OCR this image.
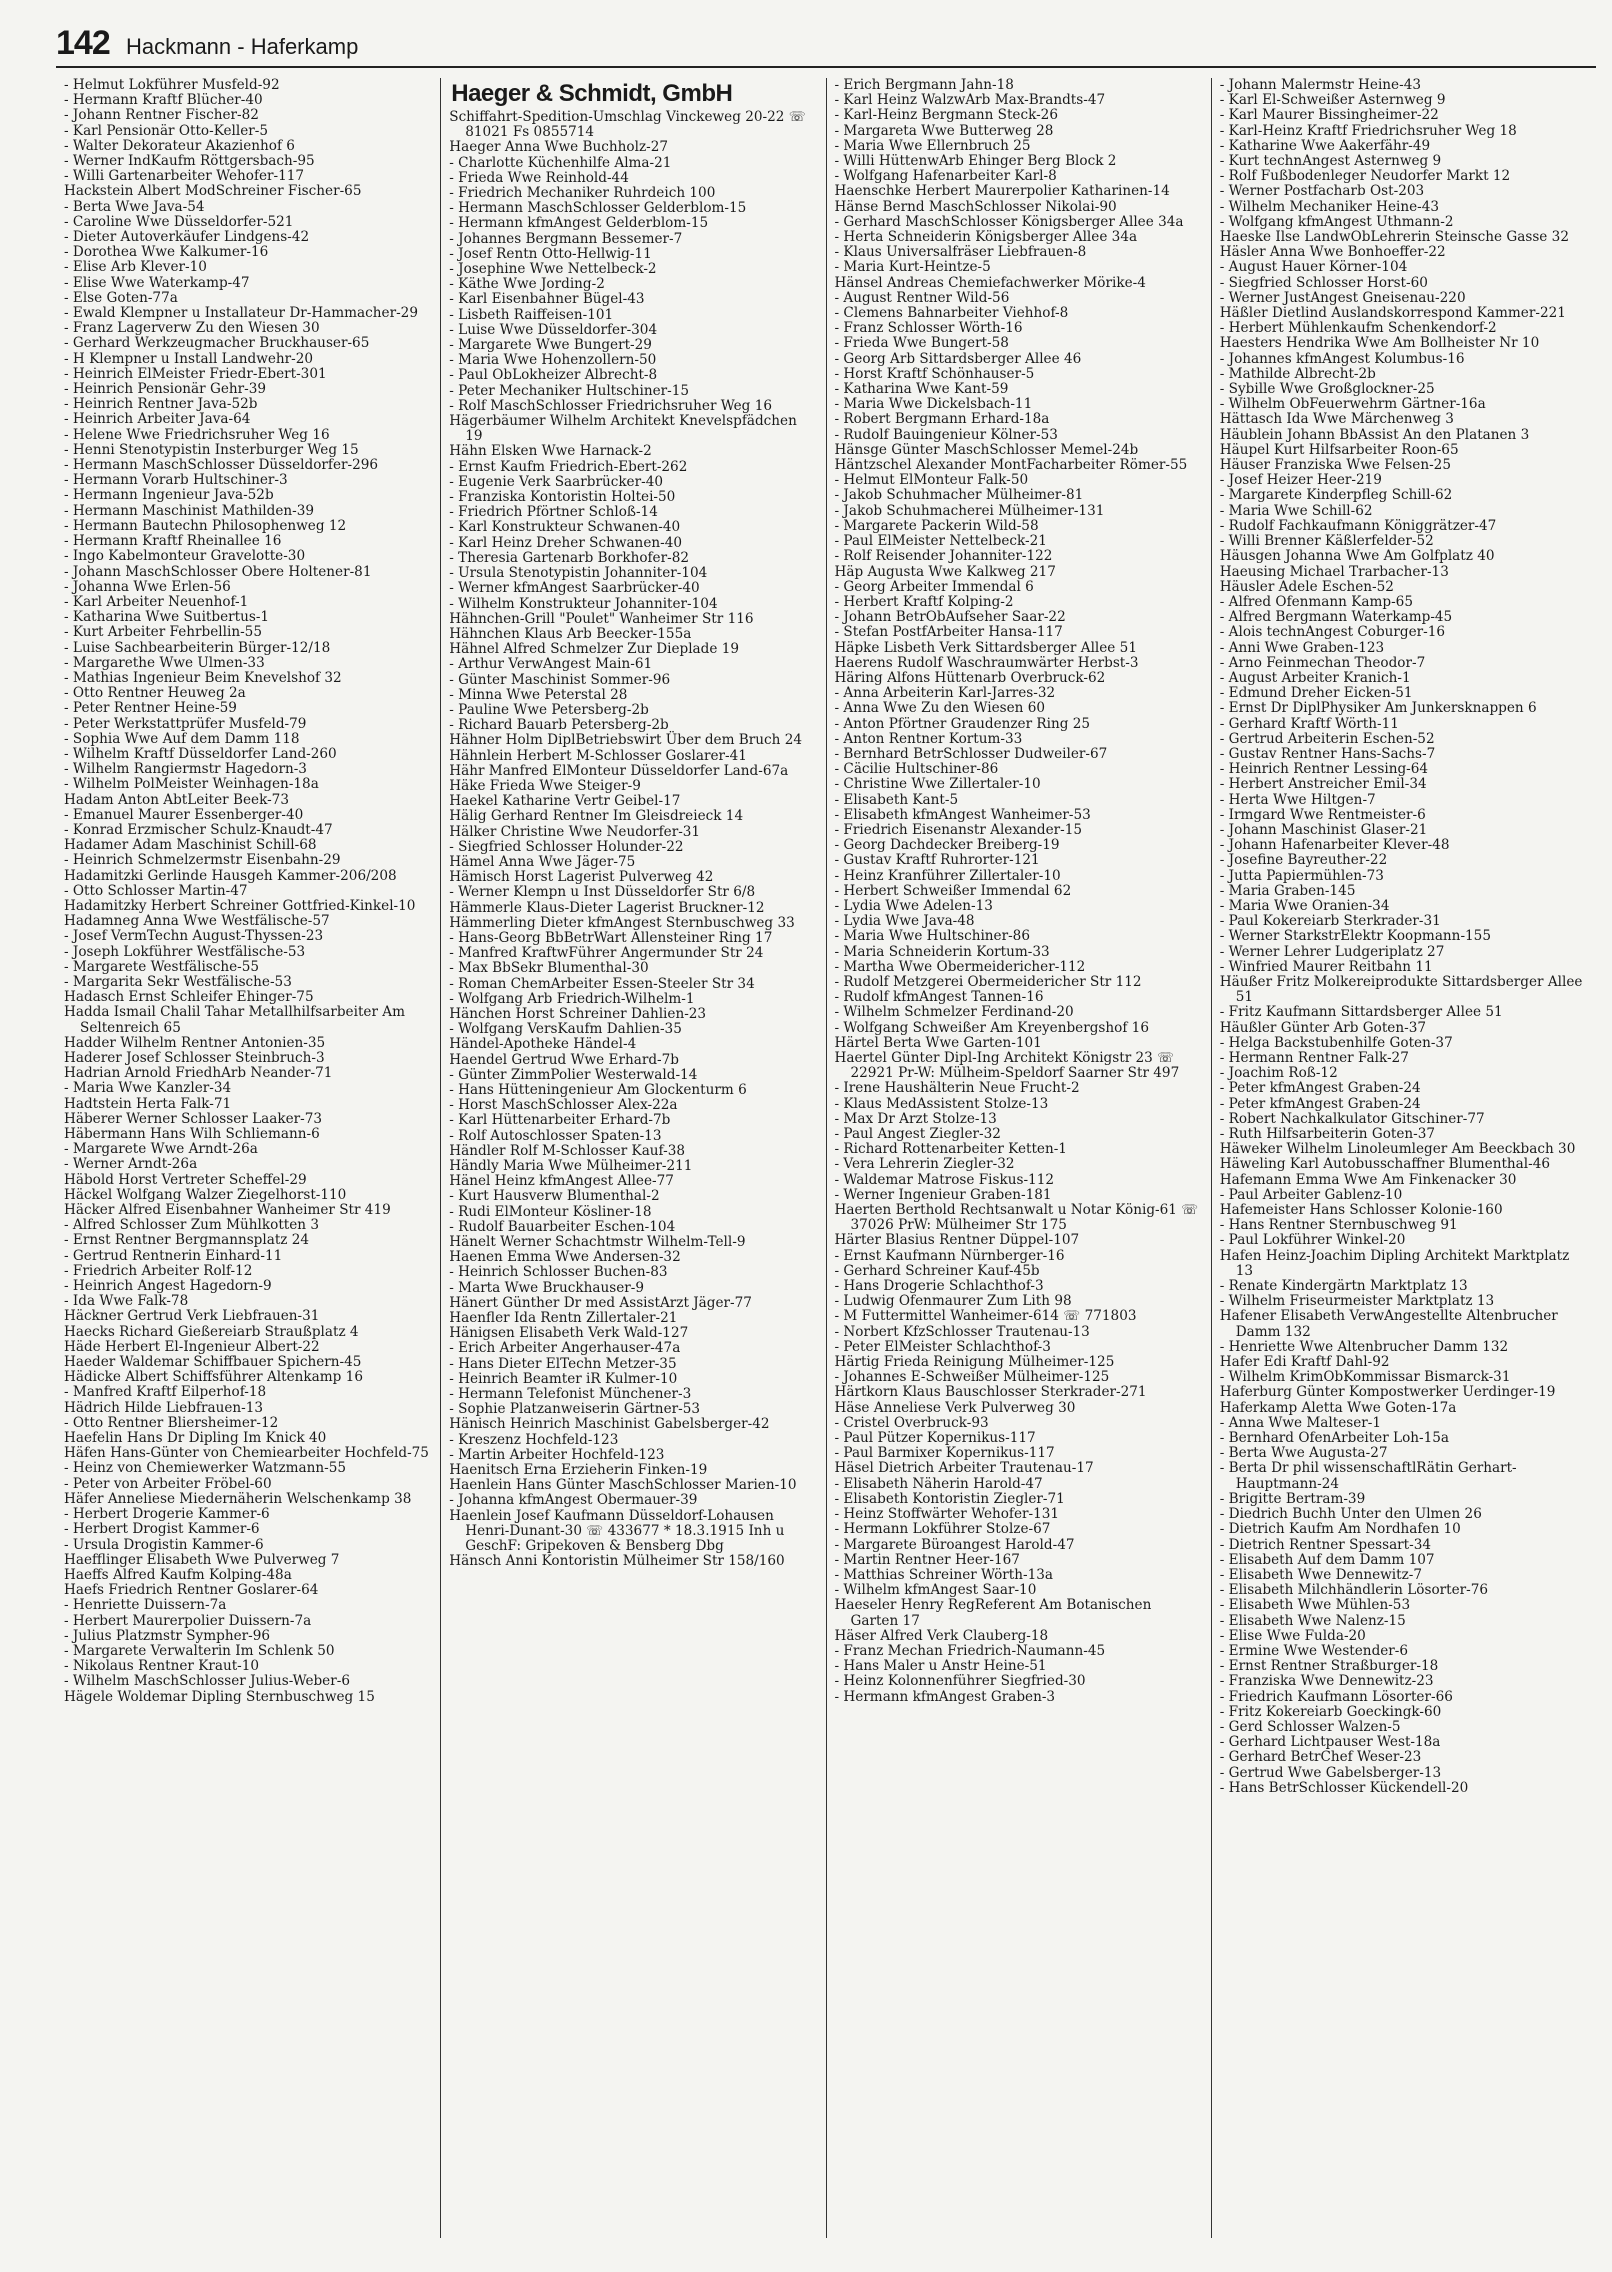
142 Hackmann - Haferkamp
- Helmut Lokführer Musfeld-92
- Hermann Kraftf Blücher-40
- Johann Rentner Fischer-82
- Karl Pensionär Otto-Keller-5
- Walter Dekorateur Akazienhof 6
- Werner IndKaufm Röttgersbach-95
- Willi Gartenarbeiter Wehofer-117
Hackstein Albert ModSchreiner Fischer-65
- Berta Wwe Java-54
- Caroline Wwe Düsseldorfer-521
- Dieter Autoverkäufer Lindgens-42
- Dorothea Wwe Kalkumer-16
- Elise Arb Klever-10
- Elise Wwe Waterkamp-47
- Else Goten-77a
- Ewald Klempner u Installateur Dr-Hammacher-29
- Franz Lagerverw Zu den Wiesen 30
- Gerhard Werkzeugmacher Bruckhauser-65
- H Klempner u Install Landwehr-20
- Heinrich ElMeister Friedr-Ebert-301
- Heinrich Pensionär Gehr-39
- Heinrich Rentner Java-52b
- Heinrich Arbeiter Java-64
- Helene Wwe Friedrichsruher Weg 16
- Henni Stenotypistin Insterburger Weg 15
- Hermann MaschSchlosser Düsseldorfer-296
- Hermann Vorarb Hultschiner-3
- Hermann Ingenieur Java-52b
- Hermann Maschinist Mathilden-39
- Hermann Bautechn Philosophenweg 12
- Hermann Kraftf Rheinallee 16
- Ingo Kabelmonteur Gravelotte-30
- Johann MaschSchlosser Obere Holtener-81
- Johanna Wwe Erlen-56
- Karl Arbeiter Neuenhof-1
- Katharina Wwe Suitbertus-1
- Kurt Arbeiter Fehrbellin-55
- Luise Sachbearbeiterin Bürger-12/18
- Margarethe Wwe Ulmen-33
- Mathias Ingenieur Beim Knevelshof 32
- Otto Rentner Heuweg 2a
- Peter Rentner Heine-59
- Peter Werkstattprüfer Musfeld-79
- Sophia Wwe Auf dem Damm 118
- Wilhelm Kraftf Düsseldorfer Land-260
- Wilhelm Rangiermstr Hagedorn-3
- Wilhelm PolMeister Weinhagen-18a
Hadam Anton AbtLeiter Beek-73
- Emanuel Maurer Essenberger-40
- Konrad Erzmischer Schulz-Knaudt-47
Hadamer Adam Maschinist Schill-68
- Heinrich Schmelzermstr Eisenbahn-29
Hadamitzki Gerlinde Hausgeh Kammer-206/208
- Otto Schlosser Martin-47
Hadamitzky Herbert Schreiner Gottfried-Kinkel-10
Hadamneg Anna Wwe Westfälische-57
- Josef VermTechn August-Thyssen-23
- Joseph Lokführer Westfälische-53
- Margarete Westfälische-55
- Margarita Sekr Westfälische-53
Hadasch Ernst Schleifer Ehinger-75
Hadda Ismail Chalil Tahar Metallhilfsarbeiter Am Seltenreich 65
Hadder Wilhelm Rentner Antonien-35
Haderer Josef Schlosser Steinbruch-3
Hadrian Arnold FriedhArb Neander-71
- Maria Wwe Kanzler-34
Hadtstein Herta Falk-71
Häberer Werner Schlosser Laaker-73
Häbermann Hans Wilh Schliemann-6
- Margarete Wwe Arndt-26a
- Werner Arndt-26a
Häbold Horst Vertreter Scheffel-29
Häckel Wolfgang Walzer Ziegelhorst-110
Häcker Alfred Eisenbahner Wanheimer Str 419
- Alfred Schlosser Zum Mühlkotten 3
- Ernst Rentner Bergmannsplatz 24
- Gertrud Rentnerin Einhard-11
- Friedrich Arbeiter Rolf-12
- Heinrich Angest Hagedorn-9
- Ida Wwe Falk-78
Häckner Gertrud Verk Liebfrauen-31
Haecks Richard Gießereiarb Straußplatz 4
Häde Herbert El-Ingenieur Albert-22
Haeder Waldemar Schiffbauer Spichern-45
Hädicke Albert Schiffsführer Altenkamp 16
- Manfred Kraftf Eilperhof-18
Hädrich Hilde Liebfrauen-13
- Otto Rentner Bliersheimer-12
Haefelin Hans Dr Dipling Im Knick 40
Häfen Hans-Günter von Chemiearbeiter Hochfeld-75
- Heinz von Chemiewerker Watzmann-55
- Peter von Arbeiter Fröbel-60
Häfer Anneliese Miedernäherin Welschenkamp 38
- Herbert Drogerie Kammer-6
- Herbert Drogist Kammer-6
- Ursula Drogistin Kammer-6
Haefflinger Elisabeth Wwe Pulverweg 7
Haeffs Alfred Kaufm Kolping-48a
Haefs Friedrich Rentner Goslarer-64
- Henriette Duissern-7a
- Herbert Maurerpolier Duissern-7a
- Julius Platzmstr Sympher-96
- Margarete Verwalterin Im Schlenk 50
- Nikolaus Rentner Kraut-10
- Wilhelm MaschSchlosser Julius-Weber-6
Hägele Woldemar Dipling Sternbuschweg 15
Haeger & Schmidt, GmbH
Schiffahrt-Spedition-Umschlag Vinckeweg 20-22 ☏ 81021 Fs 0855714
Haeger Anna Wwe Buchholz-27
- Charlotte Küchenhilfe Alma-21
- Frieda Wwe Reinhold-44
- Friedrich Mechaniker Ruhrdeich 100
- Hermann MaschSchlosser Gelderblom-15
- Hermann kfmAngest Gelderblom-15
- Johannes Bergmann Bessemer-7
- Josef Rentn Otto-Hellwig-11
- Josephine Wwe Nettelbeck-2
- Käthe Wwe Jording-2
- Karl Eisenbahner Bügel-43
- Lisbeth Raiffeisen-101
- Luise Wwe Düsseldorfer-304
- Margarete Wwe Bungert-29
- Maria Wwe Hohenzollern-50
- Paul ObLokheizer Albrecht-8
- Peter Mechaniker Hultschiner-15
- Rolf MaschSchlosser Friedrichsruher Weg 16
Hägerbäumer Wilhelm Architekt Knevelspfädchen 19
Hähn Elsken Wwe Harnack-2
- Ernst Kaufm Friedrich-Ebert-262
- Eugenie Verk Saarbrücker-40
- Franziska Kontoristin Holtei-50
- Friedrich Pförtner Schloß-14
- Karl Konstrukteur Schwanen-40
- Karl Heinz Dreher Schwanen-40
- Theresia Gartenarb Borkhofer-82
- Ursula Stenotypistin Johanniter-104
- Werner kfmAngest Saarbrücker-40
- Wilhelm Konstrukteur Johanniter-104
Hähnchen-Grill "Poulet" Wanheimer Str 116
Hähnchen Klaus Arb Beecker-155a
Hähnel Alfred Schmelzer Zur Dieplade 19
- Arthur VerwAngest Main-61
- Günter Maschinist Sommer-96
- Minna Wwe Peterstal 28
- Pauline Wwe Petersberg-2b
- Richard Bauarb Petersberg-2b
Hähner Holm DiplBetriebswirt Über dem Bruch 24
Hähnlein Herbert M-Schlosser Goslarer-41
Hähr Manfred ElMonteur Düsseldorfer Land-67a
Häke Frieda Wwe Steiger-9
Haekel Katharine Vertr Geibel-17
Hälig Gerhard Rentner Im Gleisdreieck 14
Hälker Christine Wwe Neudorfer-31
- Siegfried Schlosser Holunder-22
Hämel Anna Wwe Jäger-75
Hämisch Horst Lagerist Pulverweg 42
- Werner Klempn u Inst Düsseldorfer Str 6/8
Hämmerle Klaus-Dieter Lagerist Bruckner-12
Hämmerling Dieter kfmAngest Sternbuschweg 33
- Hans-Georg BbBetrWart Allensteiner Ring 17
- Manfred KraftwFührer Angermunder Str 24
- Max BbSekr Blumenthal-30
- Roman ChemArbeiter Essen-Steeler Str 34
- Wolfgang Arb Friedrich-Wilhelm-1
Hänchen Horst Schreiner Dahlien-23
- Wolfgang VersKaufm Dahlien-35
Händel-Apotheke Händel-4
Haendel Gertrud Wwe Erhard-7b
- Günter ZimmPolier Westerwald-14
- Hans Hütteningenieur Am Glockenturm 6
- Horst MaschSchlosser Alex-22a
- Karl Hüttenarbeiter Erhard-7b
- Rolf Autoschlosser Spaten-13
Händler Rolf M-Schlosser Kauf-38
Händly Maria Wwe Mülheimer-211
Hänel Heinz kfmAngest Allee-77
- Kurt Hausverw Blumenthal-2
- Rudi ElMonteur Kösliner-18
- Rudolf Bauarbeiter Eschen-104
Hänelt Werner Schachtmstr Wilhelm-Tell-9
Haenen Emma Wwe Andersen-32
- Heinrich Schlosser Buchen-83
- Marta Wwe Bruckhauser-9
Hänert Günther Dr med AssistArzt Jäger-77
Haenfler Ida Rentn Zillertaler-21
Hänigsen Elisabeth Verk Wald-127
- Erich Arbeiter Angerhauser-47a
- Hans Dieter ElTechn Metzer-35
- Heinrich Beamter iR Kulmer-10
- Hermann Telefonist Münchener-3
- Sophie Platzanweiserin Gärtner-53
Hänisch Heinrich Maschinist Gabelsberger-42
- Kreszenz Hochfeld-123
- Martin Arbeiter Hochfeld-123
Haenitsch Erna Erzieherin Finken-19
Haenlein Hans Günter MaschSchlosser Marien-10
- Johanna kfmAngest Obermauer-39
Haenlein Josef Kaufmann Düsseldorf-Lohausen Henri-Dunant-30 ☏ 433677 * 18.3.1915 Inh u GeschF: Gripekoven & Bensberg Dbg
Hänsch Anni Kontoristin Mülheimer Str 158/160
- Erich Bergmann Jahn-18
- Karl Heinz WalzwArb Max-Brandts-47
- Karl-Heinz Bergmann Steck-26
- Margareta Wwe Butterweg 28
- Maria Wwe Ellernbruch 25
- Willi HüttenwArb Ehinger Berg Block 2
- Wolfgang Hafenarbeiter Karl-8
Haenschke Herbert Maurerpolier Katharinen-14
Hänse Bernd MaschSchlosser Nikolai-90
- Gerhard MaschSchlosser Königsberger Allee 34a
- Herta Schneiderin Königsberger Allee 34a
- Klaus Universalfräser Liebfrauen-8
- Maria Kurt-Heintze-5
Hänsel Andreas Chemiefachwerker Mörike-4
- August Rentner Wild-56
- Clemens Bahnarbeiter Viehhof-8
- Franz Schlosser Wörth-16
- Frieda Wwe Bungert-58
- Georg Arb Sittardsberger Allee 46
- Horst Kraftf Schönhauser-5
- Katharina Wwe Kant-59
- Maria Wwe Dickelsbach-11
- Robert Bergmann Erhard-18a
- Rudolf Bauingenieur Kölner-53
Hänsge Günter MaschSchlosser Memel-24b
Häntzschel Alexander MontFacharbeiter Römer-55
- Helmut ElMonteur Falk-50
- Jakob Schuhmacher Mülheimer-81
- Jakob Schuhmacherei Mülheimer-131
- Margarete Packerin Wild-58
- Paul ElMeister Nettelbeck-21
- Rolf Reisender Johanniter-122
Häp Augusta Wwe Kalkweg 217
- Georg Arbeiter Immendal 6
- Herbert Kraftf Kolping-2
- Johann BetrObAufseher Saar-22
- Stefan PostfArbeiter Hansa-117
Häpke Lisbeth Verk Sittardsberger Allee 51
Haerens Rudolf Waschraumwärter Herbst-3
Häring Alfons Hüttenarb Overbruck-62
- Anna Arbeiterin Karl-Jarres-32
- Anna Wwe Zu den Wiesen 60
- Anton Pförtner Graudenzer Ring 25
- Anton Rentner Kortum-33
- Bernhard BetrSchlosser Dudweiler-67
- Cäcilie Hultschiner-86
- Christine Wwe Zillertaler-10
- Elisabeth Kant-5
- Elisabeth kfmAngest Wanheimer-53
- Friedrich Eisenanstr Alexander-15
- Georg Dachdecker Breiberg-19
- Gustav Kraftf Ruhrorter-121
- Heinz Kranführer Zillertaler-10
- Herbert Schweißer Immendal 62
- Lydia Wwe Adelen-13
- Lydia Wwe Java-48
- Maria Wwe Hultschiner-86
- Maria Schneiderin Kortum-33
- Martha Wwe Obermeidericher-112
- Rudolf Metzgerei Obermeidericher Str 112
- Rudolf kfmAngest Tannen-16
- Wilhelm Schmelzer Ferdinand-20
- Wolfgang Schweißer Am Kreyenbergshof 16
Härtel Berta Wwe Garten-101
Haertel Günter Dipl-Ing Architekt Königstr 23 ☏ 22921 Pr-W: Mülheim-Speldorf Saarner Str 497
- Irene Haushälterin Neue Frucht-2
- Klaus MedAssistent Stolze-13
- Max Dr Arzt Stolze-13
- Paul Angest Ziegler-32
- Richard Rottenarbeiter Ketten-1
- Vera Lehrerin Ziegler-32
- Waldemar Matrose Fiskus-112
- Werner Ingenieur Graben-181
Haerten Berthold Rechtsanwalt u Notar König-61 ☏ 37026 PrW: Mülheimer Str 175
Härter Blasius Rentner Düppel-107
- Ernst Kaufmann Nürnberger-16
- Gerhard Schreiner Kauf-45b
- Hans Drogerie Schlachthof-3
- Ludwig Ofenmaurer Zum Lith 98
- M Futtermittel Wanheimer-614 ☏ 771803
- Norbert KfzSchlosser Trautenau-13
- Peter ElMeister Schlachthof-3
Härtig Frieda Reinigung Mülheimer-125
- Johannes E-Schweißer Mülheimer-125
Härtkorn Klaus Bauschlosser Sterkrader-271
Häse Anneliese Verk Pulverweg 30
- Cristel Overbruck-93
- Paul Pützer Kopernikus-117
- Paul Barmixer Kopernikus-117
Häsel Dietrich Arbeiter Trautenau-17
- Elisabeth Näherin Harold-47
- Elisabeth Kontoristin Ziegler-71
- Heinz Stoffwärter Wehofer-131
- Hermann Lokführer Stolze-67
- Margarete Büroangest Harold-47
- Martin Rentner Heer-167
- Matthias Schreiner Wörth-13a
- Wilhelm kfmAngest Saar-10
Haeseler Henry RegReferent Am Botanischen Garten 17
Häser Alfred Verk Clauberg-18
- Franz Mechan Friedrich-Naumann-45
- Hans Maler u Anstr Heine-51
- Heinz Kolonnenführer Siegfried-30
- Hermann kfmAngest Graben-3
- Johann Malermstr Heine-43
- Karl El-Schweißer Asternweg 9
- Karl Maurer Bissingheimer-22
- Karl-Heinz Kraftf Friedrichsruher Weg 18
- Katharine Wwe Aakerfähr-49
- Kurt technAngest Asternweg 9
- Rolf Fußbodenleger Neudorfer Markt 12
- Werner Postfacharb Ost-203
- Wilhelm Mechaniker Heine-43
- Wolfgang kfmAngest Uthmann-2
Haeske Ilse LandwObLehrerin Steinsche Gasse 32
Häsler Anna Wwe Bonhoeffer-22
- August Hauer Körner-104
- Siegfried Schlosser Horst-60
- Werner JustAngest Gneisenau-220
Häßler Dietlind Auslandskorrespond Kammer-221
- Herbert Mühlenkaufm Schenkendorf-2
Haesters Hendrika Wwe Am Bollheister Nr 10
- Johannes kfmAngest Kolumbus-16
- Mathilde Albrecht-2b
- Sybille Wwe Großglockner-25
- Wilhelm ObFeuerwehrm Gärtner-16a
Hättasch Ida Wwe Märchenweg 3
Häublein Johann BbAssist An den Platanen 3
Häupel Kurt Hilfsarbeiter Roon-65
Häuser Franziska Wwe Felsen-25
- Josef Heizer Heer-219
- Margarete Kinderpfleg Schill-62
- Maria Wwe Schill-62
- Rudolf Fachkaufmann Königgrätzer-47
- Willi Brenner Käßlerfelder-52
Häusgen Johanna Wwe Am Golfplatz 40
Haeusing Michael Trarbacher-13
Häusler Adele Eschen-52
- Alfred Ofenmann Kamp-65
- Alfred Bergmann Waterkamp-45
- Alois technAngest Coburger-16
- Anni Wwe Graben-123
- Arno Feinmechan Theodor-7
- August Arbeiter Kranich-1
- Edmund Dreher Eicken-51
- Ernst Dr DiplPhysiker Am Junkersknappen 6
- Gerhard Kraftf Wörth-11
- Gertrud Arbeiterin Eschen-52
- Gustav Rentner Hans-Sachs-7
- Heinrich Rentner Lessing-64
- Herbert Anstreicher Emil-34
- Herta Wwe Hiltgen-7
- Irmgard Wwe Rentmeister-6
- Johann Maschinist Glaser-21
- Johann Hafenarbeiter Klever-48
- Josefine Bayreuther-22
- Jutta Papiermühlen-73
- Maria Graben-145
- Maria Wwe Oranien-34
- Paul Kokereiarb Sterkrader-31
- Werner StarkstrElektr Koopmann-155
- Werner Lehrer Ludgeriplatz 27
- Winfried Maurer Reitbahn 11
Häußer Fritz Molkereiprodukte Sittardsberger Allee 51
- Fritz Kaufmann Sittardsberger Allee 51
Häußler Günter Arb Goten-37
- Helga Backstubenhilfe Goten-37
- Hermann Rentner Falk-27
- Joachim Roß-12
- Peter kfmAngest Graben-24
- Peter kfmAngest Graben-24
- Robert Nachkalkulator Gitschiner-77
- Ruth Hilfsarbeiterin Goten-37
Häweker Wilhelm Linoleumleger Am Beeckbach 30
Häweling Karl Autobusschaffner Blumenthal-46
Hafemann Emma Wwe Am Finkenacker 30
- Paul Arbeiter Gablenz-10
Hafemeister Hans Schlosser Kolonie-160
- Hans Rentner Sternbuschweg 91
- Paul Lokführer Winkel-20
Hafen Heinz-Joachim Dipling Architekt Marktplatz 13
- Renate Kindergärtn Marktplatz 13
- Wilhelm Friseurmeister Marktplatz 13
Hafener Elisabeth VerwAngestellte Altenbrucher Damm 132
- Henriette Wwe Altenbrucher Damm 132
Hafer Edi Kraftf Dahl-92
- Wilhelm KrimObKommissar Bismarck-31
Haferburg Günter Kompostwerker Uerdinger-19
Haferkamp Aletta Wwe Goten-17a
- Anna Wwe Malteser-1
- Bernhard OfenArbeiter Loh-15a
- Berta Wwe Augusta-27
- Berta Dr phil wissenschaftlRätin Gerhart-Hauptmann-24
- Brigitte Bertram-39
- Diedrich Buchh Unter den Ulmen 26
- Dietrich Kaufm Am Nordhafen 10
- Dietrich Rentner Spessart-34
- Elisabeth Auf dem Damm 107
- Elisabeth Wwe Dennewitz-7
- Elisabeth Milchhändlerin Lösorter-76
- Elisabeth Wwe Mühlen-53
- Elisabeth Wwe Nalenz-15
- Elise Wwe Fulda-20
- Ermine Wwe Westender-6
- Ernst Rentner Straßburger-18
- Franziska Wwe Dennewitz-23
- Friedrich Kaufmann Lösorter-66
- Fritz Kokereiarb Goeckingk-60
- Gerd Schlosser Walzen-5
- Gerhard Lichtpauser West-18a
- Gerhard BetrChef Weser-23
- Gertrud Wwe Gabelsberger-13
- Hans BetrSchlosser Kückendell-20
